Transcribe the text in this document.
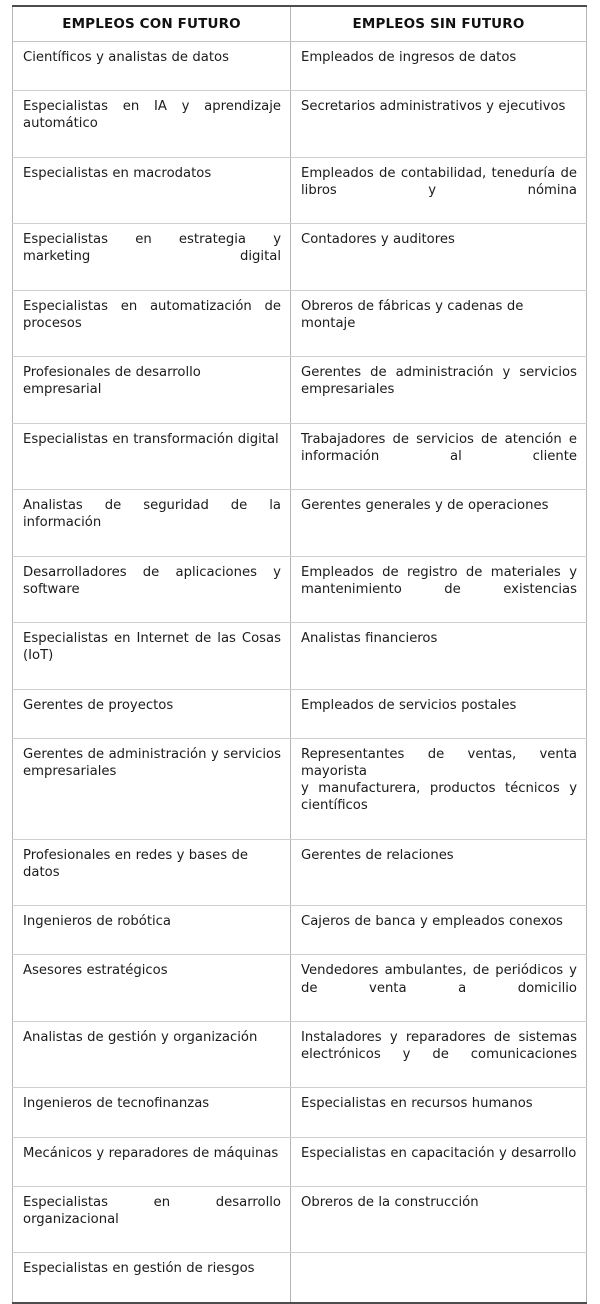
EMPLEOS CON FUTURO	EMPLEOS SIN FUTURO

Científicos y analistas de datos	Empleados de ingresos de datos

Especialistas en IA y aprendizaje automático	Secretarios administrativos y ejecutivos

Especialistas en macrodatos	Empleados de contabilidad, teneduría de libros y nómina

Especialistas en estrategia y marketing digital	Contadores y auditores

Especialistas en automatización de procesos	Obreros de fábricas y cadenas de montaje

Profesionales de desarrollo empresarial	Gerentes de administración y servicios empresariales

Especialistas en transformación digital	Trabajadores de servicios de atención e información al cliente

Analistas de seguridad de la información	Gerentes generales y de operaciones

Desarrolladores de aplicaciones y software	Empleados de registro de materiales y mantenimiento de existencias

Especialistas en Internet de las Cosas (IoT)	Analistas financieros

Gerentes de proyectos	Empleados de servicios postales

Gerentes de administración y servicios empresariales	Representantes de ventas, venta mayorista
y manufacturera, productos técnicos y científicos

Profesionales en redes y bases de datos	Gerentes de relaciones

Ingenieros de robótica	Cajeros de banca y empleados conexos

Asesores estratégicos	Vendedores ambulantes, de periódicos y de venta a domicilio

Analistas de gestión y organización	Instaladores y reparadores de sistemas electrónicos y de comunicaciones

Ingenieros de tecnofinanzas	Especialistas en recursos humanos

Mecánicos y reparadores de máquinas	Especialistas en capacitación y desarrollo

Especialistas en desarrollo organizacional	Obreros de la construcción

Especialistas en gestión de riesgos	
